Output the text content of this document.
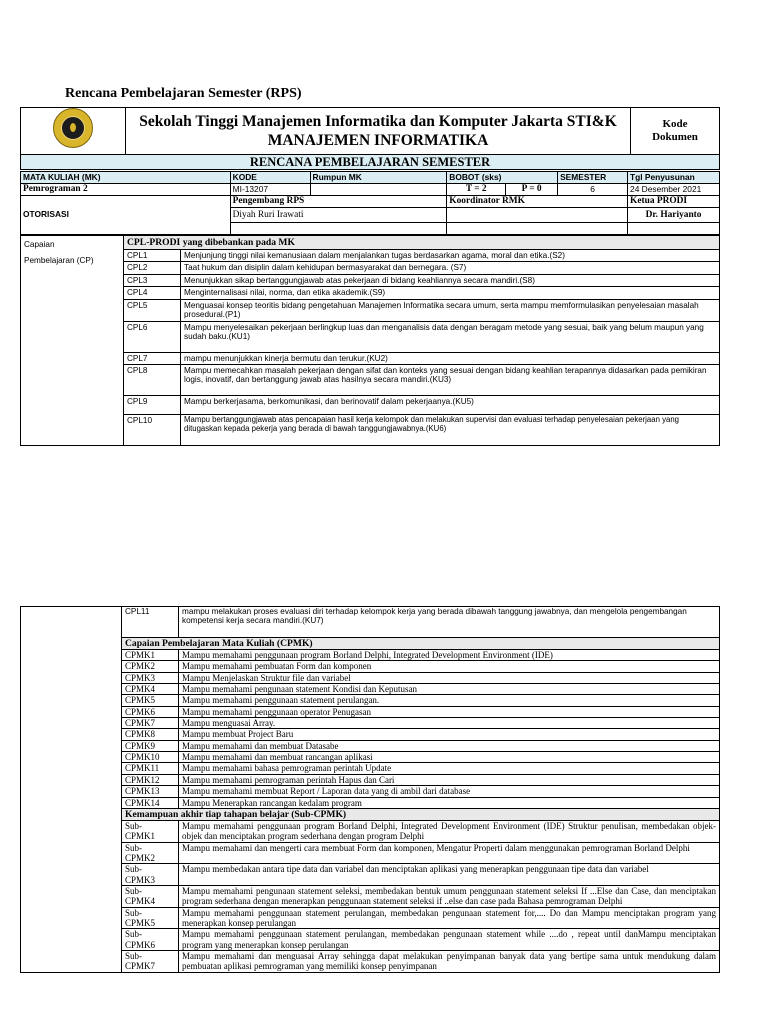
Rencana Pembelajaran Semester (RPS)

Sekolah Tinggi Manajemen Informatika dan Komputer Jakarta STI&K
MANAJEMEN INFORMATIKA

Kode
Dokumen

RENCANA PEMBELAJARAN SEMESTER
MATA KULIAH (MK)	KODE	Rumpun MK	BOBOT (sks)		SEMESTER	Tgl Penyusunan
Pemrograman 2	MI-13207		T = 2	P = 0	6	24 Desember 2021
OTORISASI	Pengembang RPS		Koordinator RMK			Ketua PRODI
	Diyah Ruri Irawati					Dr. Hariyanto

Capaian
Pembelajaran (CP)	CPL-PRODI yang dibebankan pada MK	
	CPL1	Menjunjung tinggi nilai kemanusiaan dalam menjalankan tugas berdasarkan agama, moral dan etika.(S2)
	CPL2	Taat hukum dan disiplin dalam kehidupan bermasyarakat dan bernegara. (S7)
	CPL3	Menunjukkan sikap bertanggungjawab atas pekerjaan di bidang keahliannya secara mandiri.(S8)
	CPL4	Menginternalisasi nilai, norma, dan etika akademik.(S9)
	CPL5	Menguasai konsep teoritis bidang pengetahuan Manajemen Informatika secara umum, serta mampu memformulasikan penyelesaian masalah prosedural.(P1)
	CPL6	Mampu menyelesaikan pekerjaan berlingkup luas dan menganalisis data dengan beragam metode yang sesuai, baik yang belum maupun yang sudah baku.(KU1)
	CPL7	mampu menunjukkan kinerja bermutu dan terukur.(KU2)
	CPL8	Mampu memecahkan masalah pekerjaan dengan sifat dan konteks yang sesuai dengan bidang keahlian terapannya didasarkan pada pemikiran logis, inovatif, dan bertanggung jawab atas hasilnya secara mandiri.(KU3)
	CPL9	Mampu berkerjasama, berkomunikasi, dan berinovatif dalam pekerjaanya.(KU5)
	CPL10	Mampu bertanggungjawab atas pencapaian hasil kerja kelompok dan melakukan supervisi dan evaluasi terhadap penyelesaian pekerjaan yang ditugaskan kepada pekerja yang berada di bawah tanggungjawabnya.(KU6)
	CPL11	mampu melakukan proses evaluasi diri terhadap kelompok kerja yang berada dibawah tanggung jawabnya, dan mengelola pengembangan kompetensi kerja secara mandiri.(KU7)
	Capaian Pembelajaran Mata Kuliah (CPMK)	
	CPMK1	Mampu memahami penggunaan program Borland Delphi, Integrated Development Environment (IDE)
	CPMK2	Mampu memahami pembuatan Form dan komponen
	CPMK3	Mampu Menjelaskan Struktur file dan variabel
	CPMK4	Mampu memahami pengunaan statement Kondisi dan Keputusan
	CPMK5	Mampu memahami penggunaan statement perulangan.
	CPMK6	Mampu memahami penggunaan operator Penugasan
	CPMK7	Mampu menguasai Array.
	CPMK8	Mampu membuat Project Baru
	CPMK9	Mampu memahami dan membuat Datasabe
	CPMK10	Mampu memahami dan membuat rancangan aplikasi
	CPMK11	Mampu memahami bahasa pemrograman perintah Update
	CPMK12	Mampu memahami pemrograman perintah Hapus dan Cari
	CPMK13	Mampu memahami membuat Report / Laporan data yang di ambil dari database
	CPMK14	Mampu Menerapkan rancangan kedalam program
	Kemampuan akhir tiap tahapan belajar (Sub-CPMK)	

	Sub-
CPMK1	Mampu memahami penggunaan program Borland Delphi, Integrated Development Environment (IDE) Struktur penulisan, membedakan objek-objek dan menciptakan program sederhana dengan program Delphi

	Sub-
CPMK2	Mampu memahami dan mengerti cara membuat Form dan komponen, Mengatur Properti dalam menggunakan pemrograman Borland Delphi

	Sub-
CPMK3	Mampu membedakan antara tipe data dan variabel dan menciptakan aplikasi yang menerapkan penggunaan tipe data dan variabel

	Sub-
CPMK4	Mampu memahami pengunaan statement seleksi, membedakan bentuk umum penggunaan statement seleksi If ...Else dan Case, dan menciptakan program sederhana dengan menerapkan penggunaan statement seleksi if ..else dan case pada Bahasa pemrograman Delphi

	Sub-
CPMK5	Mampu memahami penggunaan statement perulangan, membedakan pengunaan statement for,.... Do dan Mampu menciptakan program yang menerapkan konsep perulangan

	Sub-
CPMK6	Mampu memahami penggunaan statement perulangan, membedakan pengunaan statement while ....do , repeat until danMampu menciptakan program yang menerapkan konsep perulangan

	Sub-
CPMK7	Mampu memahami dan menguasai Array sehingga dapat melakukan penyimpanan banyak data yang bertipe sama untuk mendukung dalam pembuatan aplikasi pemrograman yang memiliki konsep penyimpanan
